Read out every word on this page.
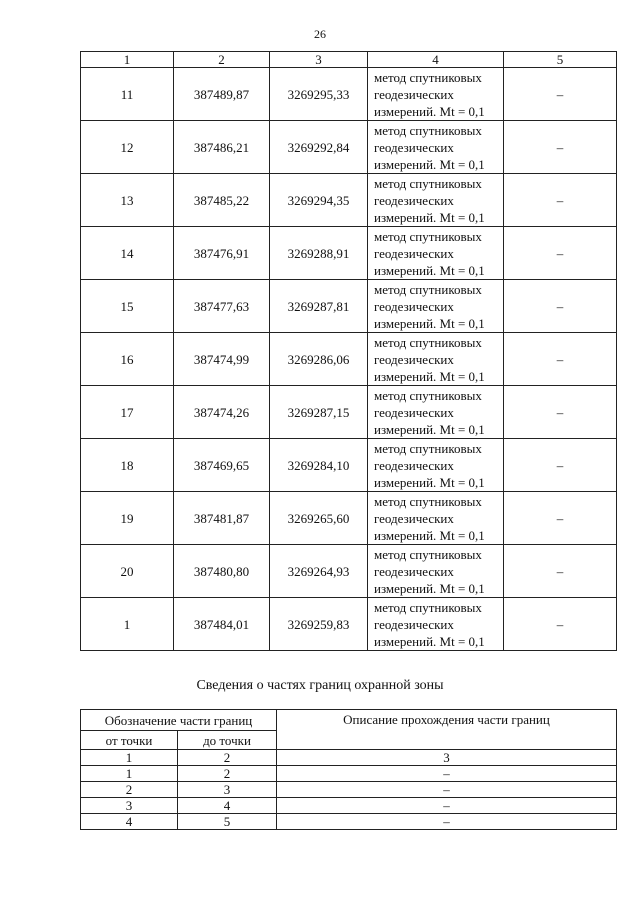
26
1	2	3	4	5
11	387489,87	3269295,33	метод спутниковых
геодезических
измерений. Mt = 0,1	–
12	387486,21	3269292,84	метод спутниковых
геодезических
измерений. Mt = 0,1	–
13	387485,22	3269294,35	метод спутниковых
геодезических
измерений. Mt = 0,1	–
14	387476,91	3269288,91	метод спутниковых
геодезических
измерений. Mt = 0,1	–
15	387477,63	3269287,81	метод спутниковых
геодезических
измерений. Mt = 0,1	–
16	387474,99	3269286,06	метод спутниковых
геодезических
измерений. Mt = 0,1	–
17	387474,26	3269287,15	метод спутниковых
геодезических
измерений. Mt = 0,1	–
18	387469,65	3269284,10	метод спутниковых
геодезических
измерений. Mt = 0,1	–
19	387481,87	3269265,60	метод спутниковых
геодезических
измерений. Mt = 0,1	–
20	387480,80	3269264,93	метод спутниковых
геодезических
измерений. Mt = 0,1	–
1	387484,01	3269259,83	метод спутниковых
геодезических
измерений. Mt = 0,1	–
Сведения о частях границ охранной зоны
Обозначение части границ		Описание прохождения части границ
от точки	до точки	
1	2	3
1	2	–
2	3	–
3	4	–
4	5	–
